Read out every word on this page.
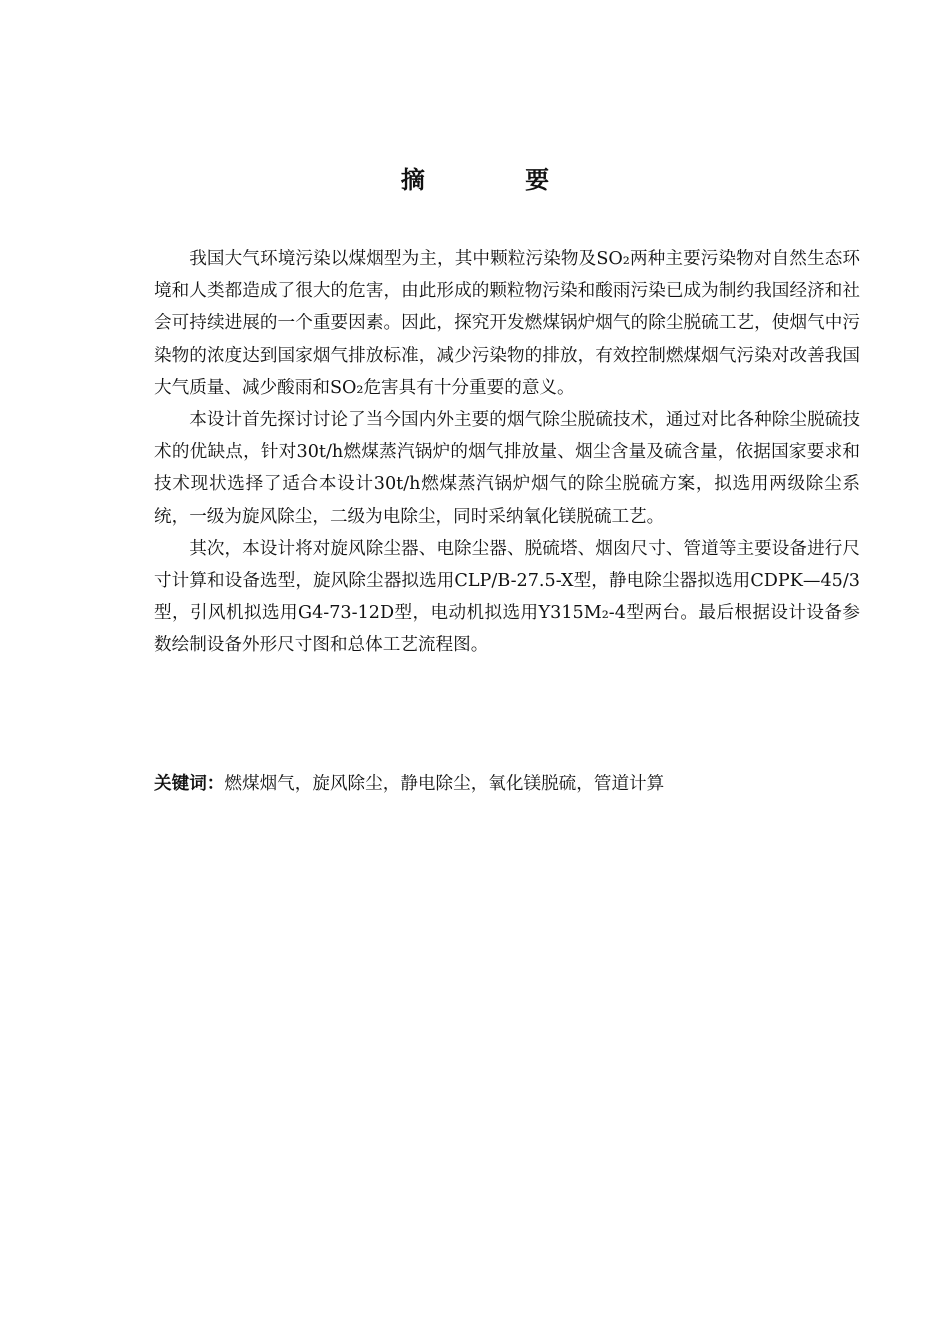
摘 要

我国大气环境污染以煤烟型为主，其中颗粒污染物及SO₂两种主要污染物对自然生态环境和人类都造成了很大的危害，由此形成的颗粒物污染和酸雨污染已成为制约我国经济和社会可持续进展的一个重要因素。因此，探究开发燃煤锅炉烟气的除尘脱硫工艺，使烟气中污染物的浓度达到国家烟气排放标准，减少污染物的排放，有效控制燃煤烟气污染对改善我国大气质量、减少酸雨和SO₂危害具有十分重要的意义。

本设计首先探讨讨论了当今国内外主要的烟气除尘脱硫技术，通过对比各种除尘脱硫技术的优缺点，针对30t/h燃煤蒸汽锅炉的烟气排放量、烟尘含量及硫含量，依据国家要求和技术现状选择了适合本设计30t/h燃煤蒸汽锅炉烟气的除尘脱硫方案，拟选用两级除尘系统，一级为旋风除尘，二级为电除尘，同时采纳氧化镁脱硫工艺。

其次，本设计将对旋风除尘器、电除尘器、脱硫塔、烟囱尺寸、管道等主要设备进行尺寸计算和设备选型，旋风除尘器拟选用CLP/B-27.5-X型，静电除尘器拟选用CDPK—45/3型，引风机拟选用G4-73-12D型，电动机拟选用Y315M₂-4型两台。最后根据设计设备参数绘制设备外形尺寸图和总体工艺流程图。

关键词：燃煤烟气，旋风除尘，静电除尘，氧化镁脱硫，管道计算
